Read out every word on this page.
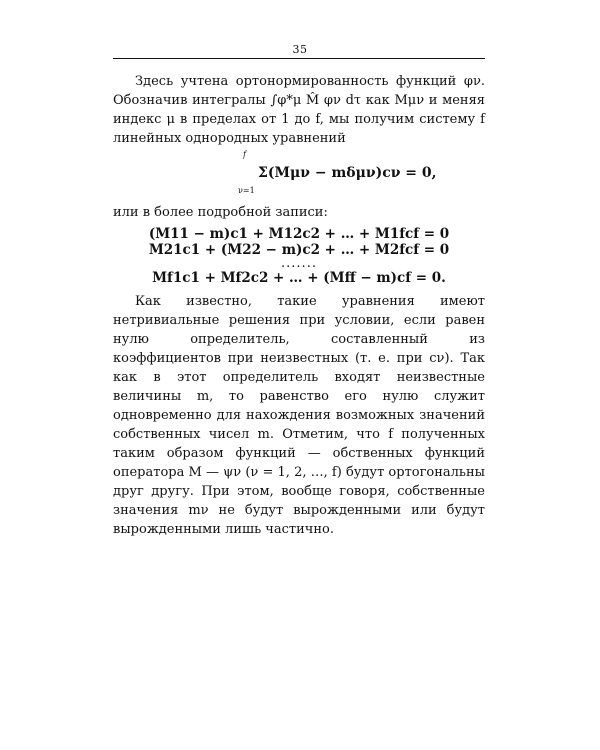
35

Здесь учтена ортонормированность функций φν. Обозначив интегралы ∫φ*μ M̂ φν dτ как Mμν и меняя индекс μ в пределах от 1 до f, мы получим систему f линейных однородных уравнений

f
ν=1
Σ(Mμν − mδμν)cν = 0,

или в более подробной записи:

(M11 − m)c1 + M12c2 + … + M1fcf = 0
M21c1 + (M22 − m)c2 + … + M2fcf = 0
.......
Mf1c1 + Mf2c2 + … + (Mff − m)cf = 0.

Как известно, такие уравнения имеют нетривиальные решения при условии, если равен нулю определитель, составленный из коэффициентов при неизвестных (т. е. при cν). Так как в этот определитель входят неизвестные величины m, то равенство его нулю служит одновременно для нахождения возможных значений собственных чисел m. Отметим, что f полученных таким образом функций — обственных функций оператора M — ψν (ν = 1, 2, …, f) будут ортогональны друг другу. При этом, вообще говоря, собственные значения mν не будут вырожденными или будут вырожденными лишь частично.
